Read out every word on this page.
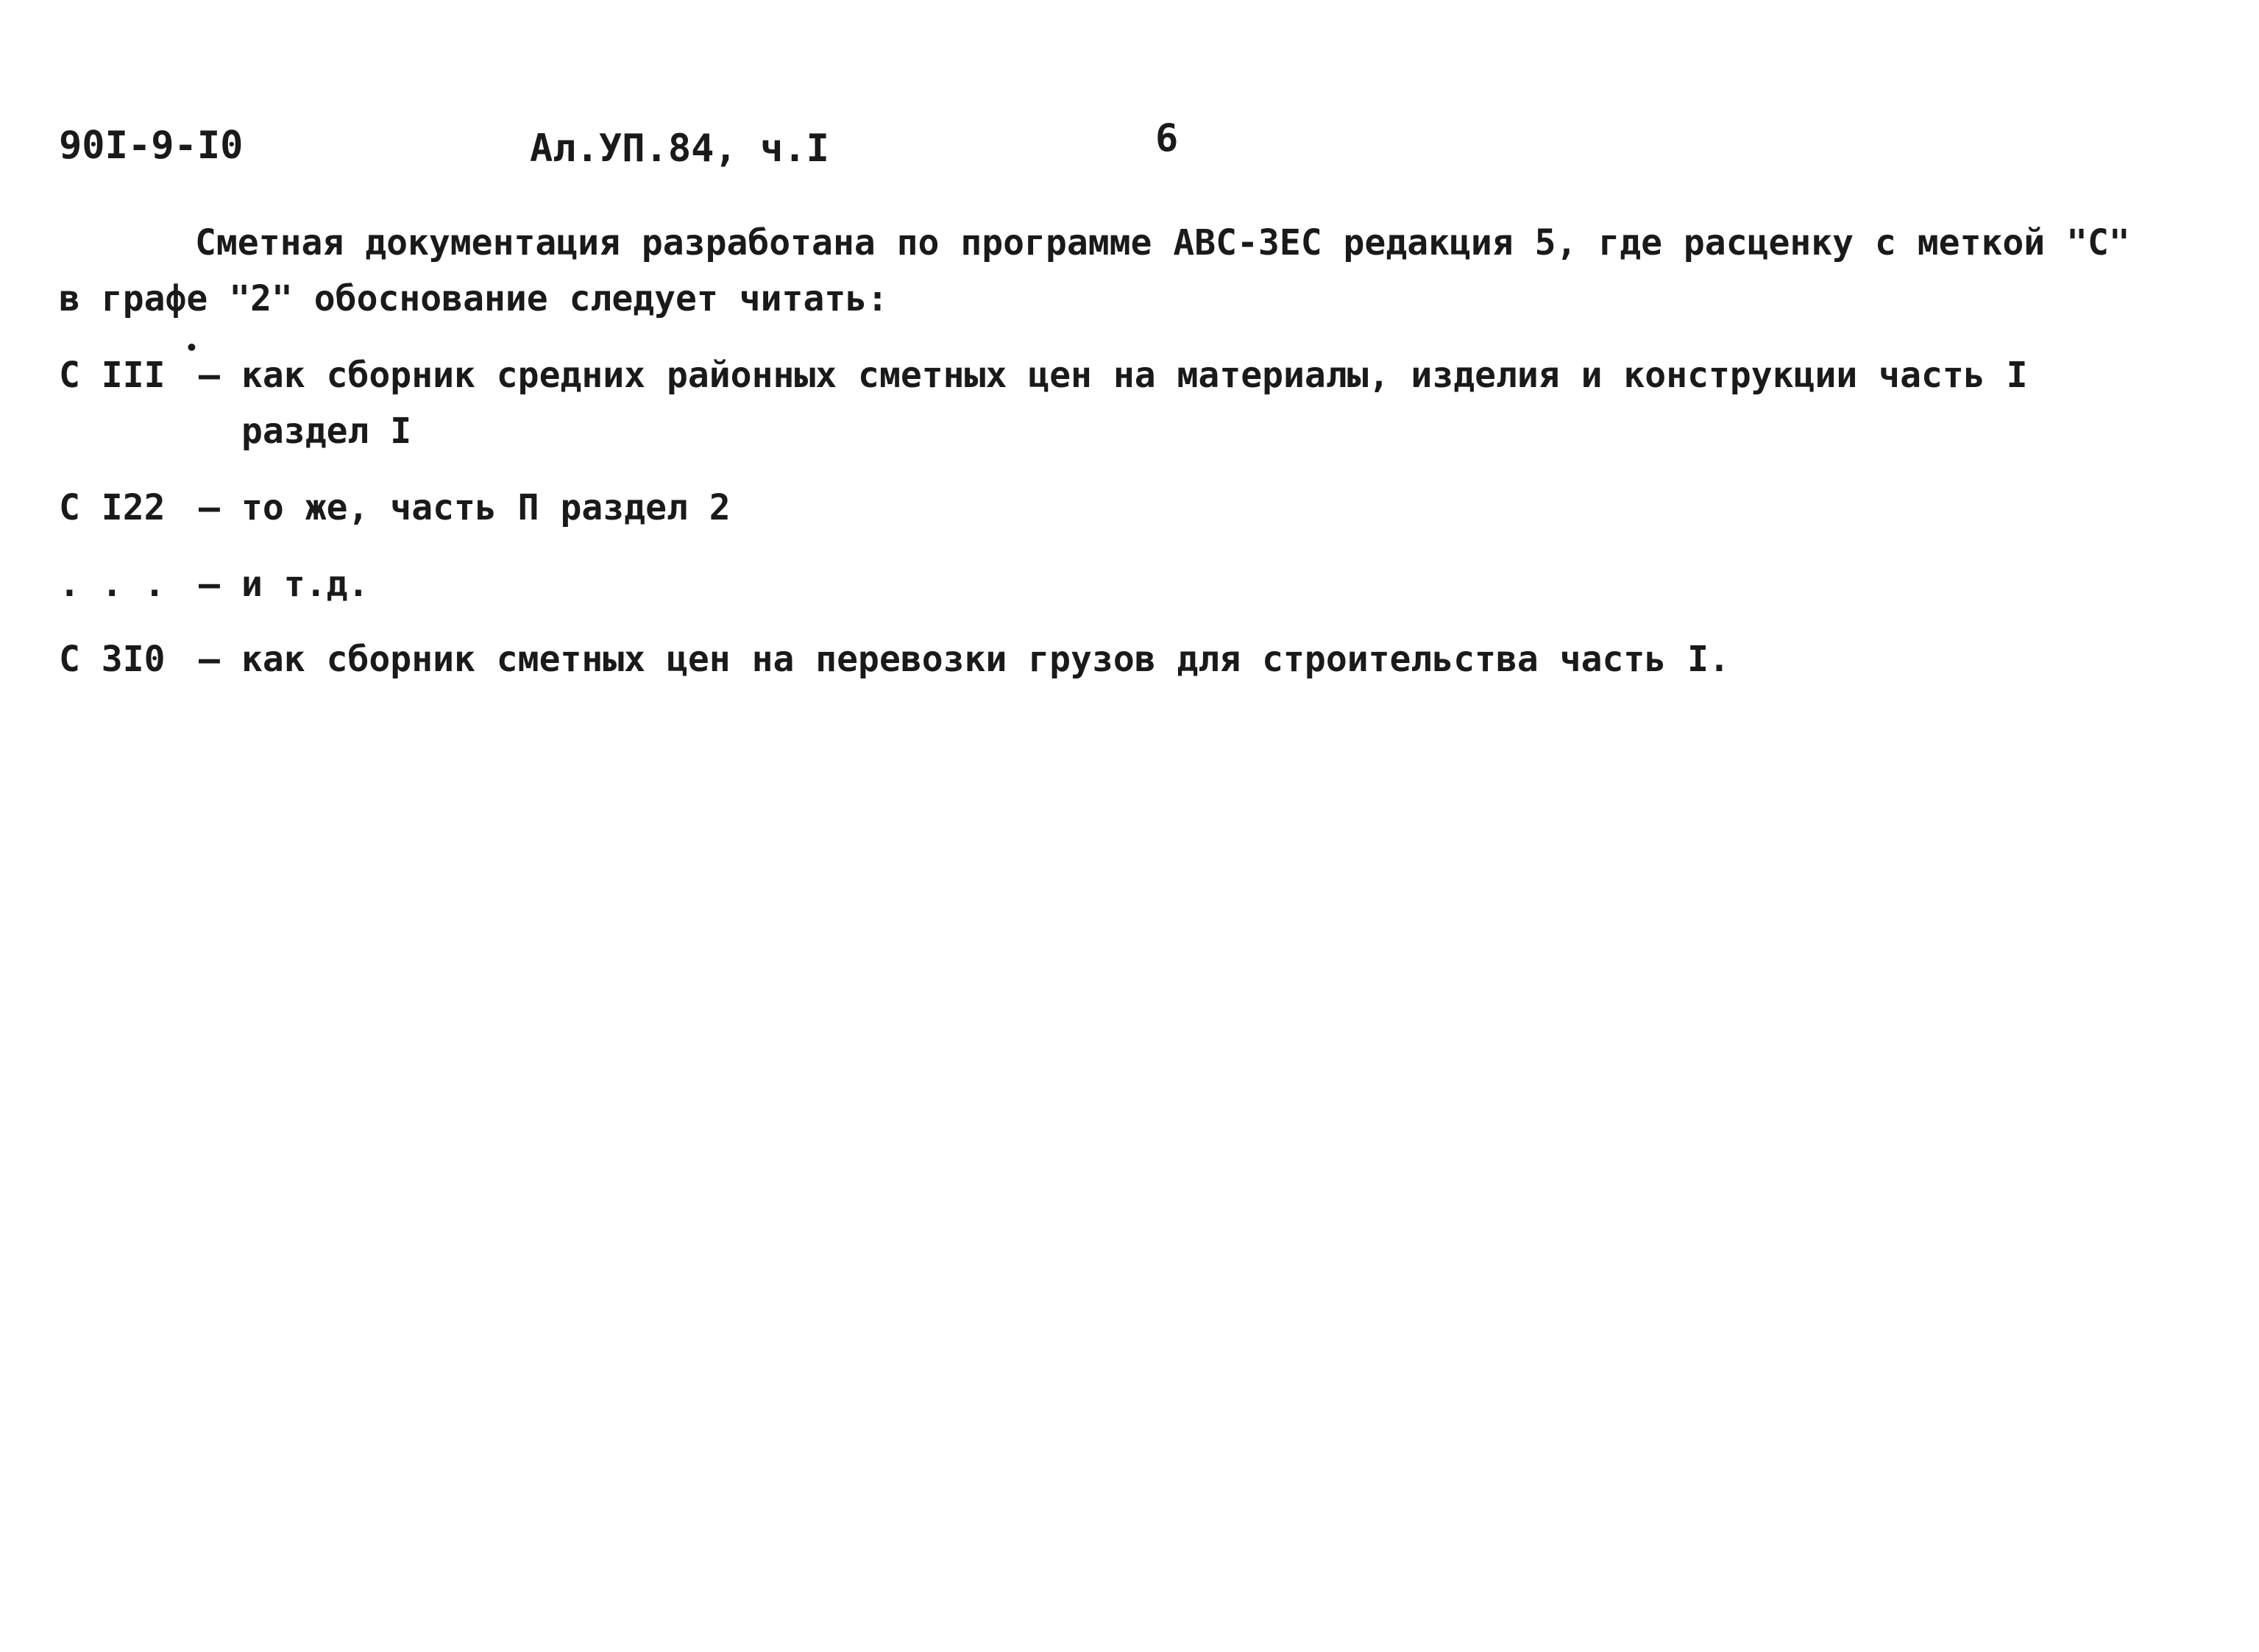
90I-9-I0	Ал.УП.84, ч.I	6
Сметная документация разработана по программе АВС-ЗЕС редакция 5, где расценку с меткой "С"
в графе "2" обоснование следует читать:
С III
•
– как сборник средних районных сметных цен на материалы, изделия и конструкции часть I
раздел I
С I22 – то же, часть П раздел 2
. . . – и т.д.
С 3I0 – как сборник сметных цен на перевозки грузов для строительства часть I.
